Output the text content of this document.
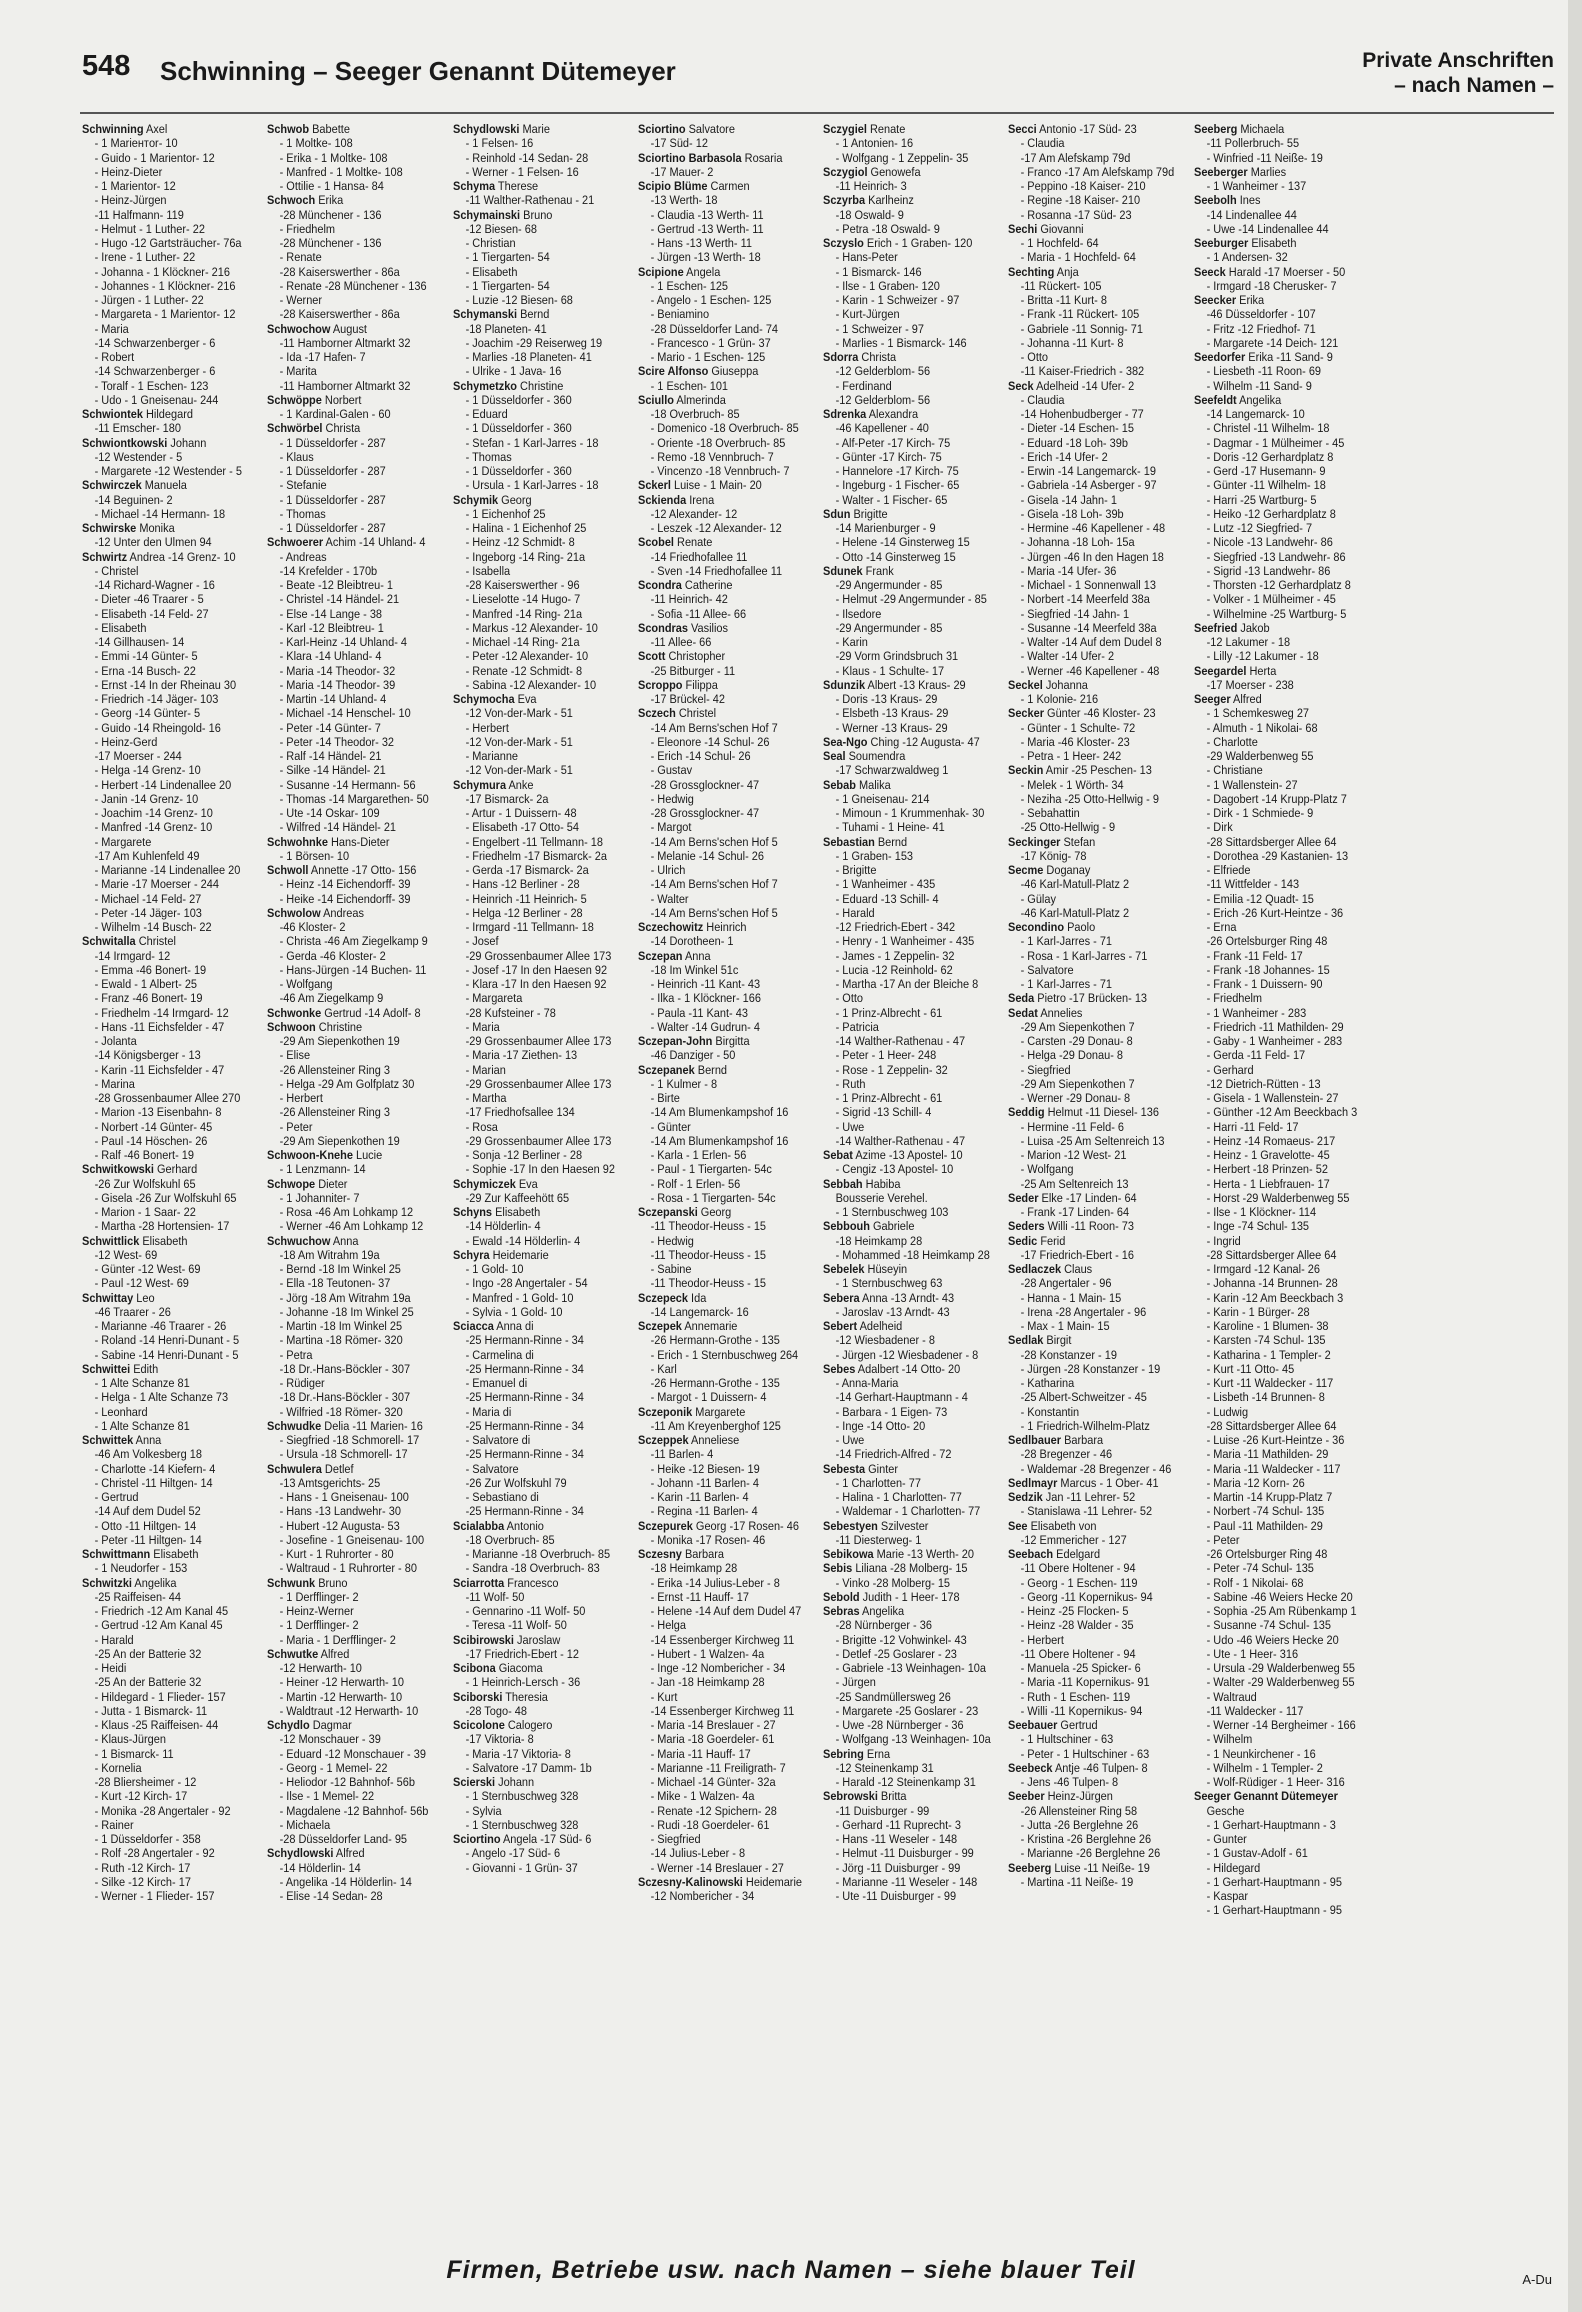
548 Schwinning – Seeger Genannt Dütemeyer	Private Anschriften
– nach Namen –
Schwinning Axel
- 1 Mariентor- 10
- Guido - 1 Marientor- 12
- Heinz-Dieter
- 1 Marientor- 12
- Heinz-Jürgen
-11 Halfmann- 119
- Helmut - 1 Luther- 22
- Hugo -12 Gartsträucher- 76a
- Irene - 1 Luther- 22
- Johanna - 1 Klöckner- 216
- Johannes - 1 Klöckner- 216
- Jürgen - 1 Luther- 22
- Margareta - 1 Marientor- 12
- Maria
-14 Schwarzenberger - 6
- Robert
-14 Schwarzenberger - 6
- Toralf - 1 Eschen- 123
- Udo - 1 Gneisenau- 244
Schwiontek Hildegard
-11 Emscher- 180
Schwiontkowski Johann
-12 Westender - 5
- Margarete -12 Westender - 5
Schwirczek Manuela
-14 Beguinen- 2
- Michael -14 Hermann- 18
Schwirske Monika
-12 Unter den Ulmen 94
Schwirtz Andrea -14 Grenz- 10
- Christel
-14 Richard-Wagner - 16
- Dieter -46 Traarer - 5
- Elisabeth -14 Feld- 27
- Elisabeth
-14 Gillhausen- 14
- Emmi -14 Günter- 5
- Erna -14 Busch- 22
- Ernst -14 In der Rheinau 30
- Friedrich -14 Jäger- 103
- Georg -14 Günter- 5
- Guido -14 Rheingold- 16
- Heinz-Gerd
-17 Moerser - 244
- Helga -14 Grenz- 10
- Herbert -14 Lindenallee 20
- Janin -14 Grenz- 10
- Joachim -14 Grenz- 10
- Manfred -14 Grenz- 10
- Margarete
-17 Am Kuhlenfeld 49
- Marianne -14 Lindenallee 20
- Marie -17 Moerser - 244
- Michael -14 Feld- 27
- Peter -14 Jäger- 103
- Wilhelm -14 Busch- 22
Schwitalla Christel
-14 Irmgard- 12
- Emma -46 Bonert- 19
- Ewald - 1 Albert- 25
- Franz -46 Bonert- 19
- Friedhelm -14 Irmgard- 12
- Hans -11 Eichsfelder - 47
- Jolanta
-14 Königsberger - 13
- Karin -11 Eichsfelder - 47
- Marina
-28 Grossenbaumer Allee 270
- Marion -13 Eisenbahn- 8
- Norbert -14 Günter- 45
- Paul -14 Höschen- 26
- Ralf -46 Bonert- 19
Schwitkowski Gerhard
-26 Zur Wolfskuhl 65
- Gisela -26 Zur Wolfskuhl 65
- Marion - 1 Saar- 22
- Martha -28 Hortensien- 17
Schwittlick Elisabeth
-12 West- 69
- Günter -12 West- 69
- Paul -12 West- 69
Schwittay Leo
-46 Traarer - 26
- Marianne -46 Traarer - 26
- Roland -14 Henri-Dunant - 5
- Sabine -14 Henri-Dunant - 5
Schwittei Edith
- 1 Alte Schanze 81
- Helga - 1 Alte Schanze 73
- Leonhard
- 1 Alte Schanze 81
Schwittek Anna
-46 Am Volkesberg 18
- Charlotte -14 Kiefern- 4
- Christel -11 Hiltgen- 14
- Gertrud
-14 Auf dem Dudel 52
- Otto -11 Hiltgen- 14
- Peter -11 Hiltgen- 14
Schwittmann Elisabeth
- 1 Neudorfer - 153
Schwitzki Angelika
-25 Raiffeisen- 44
- Friedrich -12 Am Kanal 45
- Gertrud -12 Am Kanal 45
- Harald
-25 An der Batterie 32
- Heidi
-25 An der Batterie 32
- Hildegard - 1 Flieder- 157
- Jutta - 1 Bismarck- 11
- Klaus -25 Raiffeisen- 44
- Klaus-Jürgen
- 1 Bismarck- 11
- Kornelia
-28 Bliersheimer - 12
- Kurt -12 Kirch- 17
- Monika -28 Angertaler - 92
- Rainer
- 1 Düsseldorfer - 358
- Rolf -28 Angertaler - 92
- Ruth -12 Kirch- 17
- Silke -12 Kirch- 17
- Werner - 1 Flieder- 157
Schwob Babette
- 1 Moltke- 108
- Erika - 1 Moltke- 108
- Manfred - 1 Moltke- 108
- Ottilie - 1 Hansa- 84
Schwoch Erika
-28 Münchener - 136
- Friedhelm
-28 Münchener - 136
- Renate
-28 Kaiserswerther - 86a
- Renate -28 Münchener - 136
- Werner
-28 Kaiserswerther - 86a
Schwochow August
-11 Hamborner Altmarkt 32
- Ida -17 Hafen- 7
- Marita
-11 Hamborner Altmarkt 32
Schwöppe Norbert
- 1 Kardinal-Galen - 60
Schwörbel Christa
- 1 Düsseldorfer - 287
- Klaus
- 1 Düsseldorfer - 287
- Stefanie
- 1 Düsseldorfer - 287
- Thomas
- 1 Düsseldorfer - 287
Schwoerer Achim -14 Uhland- 4
- Andreas
-14 Krefelder - 170b
- Beate -12 Bleibtreu- 1
- Christel -14 Händel- 21
- Else -14 Lange - 38
- Karl -12 Bleibtreu- 1
- Karl-Heinz -14 Uhland- 4
- Klara -14 Uhland- 4
- Maria -14 Theodor- 32
- Maria -14 Theodor- 39
- Martin -14 Uhland- 4
- Michael -14 Henschel- 10
- Peter -14 Günter- 7
- Peter -14 Theodor- 32
- Ralf -14 Händel- 21
- Silke -14 Händel- 21
- Susanne -14 Hermann- 56
- Thomas -14 Margarethen- 50
- Ute -14 Oskar- 109
- Wilfred -14 Händel- 21
Schwohnke Hans-Dieter
- 1 Börsen- 10
Schwoll Annette -17 Otto- 156
- Heinz -14 Eichendorff- 39
- Heike -14 Eichendorff- 39
Schwolow Andreas
-46 Kloster- 2
- Christa -46 Am Ziegelkamp 9
- Gerda -46 Kloster- 2
- Hans-Jürgen -14 Buchen- 11
- Wolfgang
-46 Am Ziegelkamp 9
Schwonke Gertrud -14 Adolf- 8
Schwoon Christine
-29 Am Siepenkothen 19
- Elise
-26 Allensteiner Ring 3
- Helga -29 Am Golfplatz 30
- Herbert
-26 Allensteiner Ring 3
- Peter
-29 Am Siepenkothen 19
Schwoon-Knehe Lucie
- 1 Lenzmann- 14
Schwope Dieter
- 1 Johanniter- 7
- Rosa -46 Am Lohkamp 12
- Werner -46 Am Lohkamp 12
Schwuchow Anna
-18 Am Witrahm 19a
- Bernd -18 Im Winkel 25
- Ella -18 Teutonen- 37
- Jörg -18 Am Witrahm 19a
- Johanne -18 Im Winkel 25
- Martin -18 Im Winkel 25
- Martina -18 Römer- 320
- Petra
-18 Dr.-Hans-Böckler - 307
- Rüdiger
-18 Dr.-Hans-Böckler - 307
- Wilfried -18 Römer- 320
Schwudke Delia -11 Marien- 16
- Siegfried -18 Schmorell- 17
- Ursula -18 Schmorell- 17
Schwulera Detlef
-13 Amtsgerichts- 25
- Hans - 1 Gneisenau- 100
- Hans -13 Landwehr- 30
- Hubert -12 Augusta- 53
- Josefine - 1 Gneisenau- 100
- Kurt - 1 Ruhrorter - 80
- Waltraud - 1 Ruhrorter - 80
Schwunk Bruno
- 1 Derfflinger- 2
- Heinz-Werner
- 1 Derfflinger- 2
- Maria - 1 Derfflinger- 2
Schwutke Alfred
-12 Herwarth- 10
- Heiner -12 Herwarth- 10
- Martin -12 Herwarth- 10
- Waldtraut -12 Herwarth- 10
Schydlo Dagmar
-12 Monschauer - 39
- Eduard -12 Monschauer - 39
- Georg - 1 Memel- 22
- Heliodor -12 Bahnhof- 56b
- Ilse - 1 Memel- 22
- Magdalene -12 Bahnhof- 56b
- Michaela
-28 Düsseldorfer Land- 95
Schydlowski Alfred
-14 Hölderlin- 14
- Angelika -14 Hölderlin- 14
- Elise -14 Sedan- 28
Schydlowski Marie
- 1 Felsen- 16
- Reinhold -14 Sedan- 28
- Werner - 1 Felsen- 16
Schyma Therese
-11 Walther-Rathenau - 21
Schymainski Bruno
-12 Biesen- 68
- Christian
- 1 Tiergarten- 54
- Elisabeth
- 1 Tiergarten- 54
- Luzie -12 Biesen- 68
Schymanski Bernd
-18 Planeten- 41
- Joachim -29 Reiserweg 19
- Marlies -18 Planeten- 41
- Ulrike - 1 Java- 16
Schymetzko Christine
- 1 Düsseldorfer - 360
- Eduard
- 1 Düsseldorfer - 360
- Stefan - 1 Karl-Jarres - 18
- Thomas
- 1 Düsseldorfer - 360
- Ursula - 1 Karl-Jarres - 18
Schymik Georg
- 1 Eichenhof 25
- Halina - 1 Eichenhof 25
- Heinz -12 Schmidt- 8
- Ingeborg -14 Ring- 21a
- Isabella
-28 Kaiserswerther - 96
- Lieselotte -14 Hugo- 7
- Manfred -14 Ring- 21a
- Markus -12 Alexander- 10
- Michael -14 Ring- 21a
- Peter -12 Alexander- 10
- Renate -12 Schmidt- 8
- Sabina -12 Alexander- 10
Schymocha Eva
-12 Von-der-Mark - 51
- Herbert
-12 Von-der-Mark - 51
- Marianne
-12 Von-der-Mark - 51
Schymura Anke
-17 Bismarck- 2a
- Artur - 1 Duissern- 48
- Elisabeth -17 Otto- 54
- Engelbert -11 Tellmann- 18
- Friedhelm -17 Bismarck- 2a
- Gerda -17 Bismarck- 2a
- Hans -12 Berliner - 28
- Heinrich -11 Heinrich- 5
- Helga -12 Berliner - 28
- Irmgard -11 Tellmann- 18
- Josef
-29 Grossenbaumer Allee 173
- Josef -17 In den Haesen 92
- Klara -17 In den Haesen 92
- Margareta
-28 Kufsteiner - 78
- Maria
-29 Grossenbaumer Allee 173
- Maria -17 Ziethen- 13
- Marian
-29 Grossenbaumer Allee 173
- Martha
-17 Friedhofsallee 134
- Rosa
-29 Grossenbaumer Allee 173
- Sonja -12 Berliner - 28
- Sophie -17 In den Haesen 92
Schymiczek Eva
-29 Zur Kaffeehött 65
Schyns Elisabeth
-14 Hölderlin- 4
- Ewald -14 Hölderlin- 4
Schyra Heidemarie
- 1 Gold- 10
- Ingo -28 Angertaler - 54
- Manfred - 1 Gold- 10
- Sylvia - 1 Gold- 10
Sciacca Anna di
-25 Hermann-Rinne - 34
- Carmelina di
-25 Hermann-Rinne - 34
- Emanuel di
-25 Hermann-Rinne - 34
- Maria di
-25 Hermann-Rinne - 34
- Salvatore di
-25 Hermann-Rinne - 34
- Salvatore
-26 Zur Wolfskuhl 79
- Sebastiano di
-25 Hermann-Rinne - 34
Scialabba Antonio
-18 Overbruch- 85
- Marianne -18 Overbruch- 85
- Sandra -18 Overbruch- 83
Sciarrotta Francesco
-11 Wolf- 50
- Gennarino -11 Wolf- 50
- Teresa -11 Wolf- 50
Scibirowski Jaroslaw
-17 Friedrich-Ebert - 12
Scibona Giacoma
- 1 Heinrich-Lersch - 36
Sciborski Theresia
-28 Togo- 48
Scicolone Calogero
-17 Viktoria- 8
- Maria -17 Viktoria- 8
- Salvatore -17 Damm- 1b
Scierski Johann
- 1 Sternbuschweg 328
- Sylvia
- 1 Sternbuschweg 328
Sciortino Angela -17 Süd- 6
- Angelo -17 Süd- 6
- Giovanni - 1 Grün- 37
Sciortino Salvatore
-17 Süd- 12
Sciortino Barbasola Rosaria
-17 Mauer- 2
Scipio Blüme Carmen
-13 Werth- 18
- Claudia -13 Werth- 11
- Gertrud -13 Werth- 11
- Hans -13 Werth- 11
- Jürgen -13 Werth- 18
Scipione Angela
- 1 Eschen- 125
- Angelo - 1 Eschen- 125
- Beniamino
-28 Düsseldorfer Land- 74
- Francesco - 1 Grün- 37
- Mario - 1 Eschen- 125
Scire Alfonso Giuseppa
- 1 Eschen- 101
Sciullo Almerinda
-18 Overbruch- 85
- Domenico -18 Overbruch- 85
- Oriente -18 Overbruch- 85
- Remo -18 Vennbruch- 7
- Vincenzo -18 Vennbruch- 7
Sckerl Luise - 1 Main- 20
Sckienda Irena
-12 Alexander- 12
- Leszek -12 Alexander- 12
Scobel Renate
-14 Friedhofallee 11
- Sven -14 Friedhofallee 11
Scondra Catherine
-11 Heinrich- 42
- Sofia -11 Allee- 66
Scondras Vasilios
-11 Allee- 66
Scott Christopher
-25 Bitburger - 11
Scroppo Filippa
-17 Brückel- 42
Sczech Christel
-14 Am Berns'schen Hof 7
- Eleonore -14 Schul- 26
- Erich -14 Schul- 26
- Gustav
-28 Grossglockner- 47
- Hedwig
-28 Grossglockner- 47
- Margot
-14 Am Berns'schen Hof 5
- Melanie -14 Schul- 26
- Ulrich
-14 Am Berns'schen Hof 7
- Walter
-14 Am Berns'schen Hof 5
Sczechowitz Heinrich
-14 Dorotheen- 1
Sczepan Anna
-18 Im Winkel 51c
- Heinrich -11 Kant- 43
- Ilka - 1 Klöckner- 166
- Paula -11 Kant- 43
- Walter -14 Gudrun- 4
Sczepan-John Birgitta
-46 Danziger - 50
Sczepanek Bernd
- 1 Kulmer - 8
- Birte
-14 Am Blumenkampshof 16
- Günter
-14 Am Blumenkampshof 16
- Karla - 1 Erlen- 56
- Paul - 1 Tiergarten- 54c
- Rolf - 1 Erlen- 56
- Rosa - 1 Tiergarten- 54c
Sczepanski Georg
-11 Theodor-Heuss - 15
- Hedwig
-11 Theodor-Heuss - 15
- Sabine
-11 Theodor-Heuss - 15
Sczepeck Ida
-14 Langemarck- 16
Sczepek Annemarie
-26 Hermann-Grothe - 135
- Erich - 1 Sternbuschweg 264
- Karl
-26 Hermann-Grothe - 135
- Margot - 1 Duissern- 4
Sczeponik Margarete
-11 Am Kreyenberghof 125
Sczeppek Anneliese
-11 Barlen- 4
- Heike -12 Biesen- 19
- Johann -11 Barlen- 4
- Karin -11 Barlen- 4
- Regina -11 Barlen- 4
Sczepurek Georg -17 Rosen- 46
- Monika -17 Rosen- 46
Sczesny Barbara
-18 Heimkamp 28
- Erika -14 Julius-Leber - 8
- Ernst -11 Hauff- 17
- Helene -14 Auf dem Dudel 47
- Helga
-14 Essenberger Kirchweg 11
- Hubert - 1 Walzen- 4a
- Inge -12 Nombericher - 34
- Jan -18 Heimkamp 28
- Kurt
-14 Essenberger Kirchweg 11
- Maria -14 Breslauer - 27
- Maria -18 Goerdeler- 61
- Maria -11 Hauff- 17
- Marianne -11 Freiligrath- 7
- Michael -14 Günter- 32a
- Mike - 1 Walzen- 4a
- Renate -12 Spichern- 28
- Rudi -18 Goerdeler- 61
- Siegfried
-14 Julius-Leber - 8
- Werner -14 Breslauer - 27
Sczesny-Kalinowski Heidemarie
-12 Nombericher - 34
Sczygiel Renate
- 1 Antonien- 16
- Wolfgang - 1 Zeppelin- 35
Sczygiol Genowefa
-11 Heinrich- 3
Sczyrba Karlheinz
-18 Oswald- 9
- Petra -18 Oswald- 9
Sczyslo Erich - 1 Graben- 120
- Hans-Peter
- 1 Bismarck- 146
- Ilse - 1 Graben- 120
- Karin - 1 Schweizer - 97
- Kurt-Jürgen
- 1 Schweizer - 97
- Marlies - 1 Bismarck- 146
Sdorra Christa
-12 Gelderblom- 56
- Ferdinand
-12 Gelderblom- 56
Sdrenka Alexandra
-46 Kapellener - 40
- Alf-Peter -17 Kirch- 75
- Günter -17 Kirch- 75
- Hannelore -17 Kirch- 75
- Ingeburg - 1 Fischer- 65
- Walter - 1 Fischer- 65
Sdun Brigitte
-14 Marienburger - 9
- Helene -14 Ginsterweg 15
- Otto -14 Ginsterweg 15
Sdunek Frank
-29 Angermunder - 85
- Helmut -29 Angermunder - 85
- Ilsedore
-29 Angermunder - 85
- Karin
-29 Vorm Grindsbruch 31
- Klaus - 1 Schulte- 17
Sdunzik Albert -13 Kraus- 29
- Doris -13 Kraus- 29
- Elsbeth -13 Kraus- 29
- Werner -13 Kraus- 29
Sea-Ngo Ching -12 Augusta- 47
Seal Soumendra
-17 Schwarzwaldweg 1
Sebab Malika
- 1 Gneisenau- 214
- Mimoun - 1 Krummenhak- 30
- Tuhami - 1 Heine- 41
Sebastian Bernd
- 1 Graben- 153
- Brigitte
- 1 Wanheimer - 435
- Eduard -13 Schill- 4
- Harald
-12 Friedrich-Ebert - 342
- Henry - 1 Wanheimer - 435
- James - 1 Zeppelin- 32
- Lucia -12 Reinhold- 62
- Martha -17 An der Bleiche 8
- Otto
- 1 Prinz-Albrecht - 61
- Patricia
-14 Walther-Rathenau - 47
- Peter - 1 Heer- 248
- Rose - 1 Zeppelin- 32
- Ruth
- 1 Prinz-Albrecht - 61
- Sigrid -13 Schill- 4
- Uwe
-14 Walther-Rathenau - 47
Sebat Azime -13 Apostel- 10
- Cengiz -13 Apostel- 10
Sebbah Habiba
Bousserie Verehel.
- 1 Sternbuschweg 103
Sebbouh Gabriele
-18 Heimkamp 28
- Mohammed -18 Heimkamp 28
Sebelek Hüseyin
- 1 Sternbuschweg 63
Sebera Anna -13 Arndt- 43
- Jaroslav -13 Arndt- 43
Sebert Adelheid
-12 Wiesbadener - 8
- Jürgen -12 Wiesbadener - 8
Sebes Adalbert -14 Otto- 20
- Anna-Maria
-14 Gerhart-Hauptmann - 4
- Barbara - 1 Eigen- 73
- Inge -14 Otto- 20
- Uwe
-14 Friedrich-Alfred - 72
Sebesta Ginter
- 1 Charlotten- 77
- Halina - 1 Charlotten- 77
- Waldemar - 1 Charlotten- 77
Sebestyen Szilvester
-11 Diesterweg- 1
Sebikowa Marie -13 Werth- 20
Sebis Liliana -28 Molberg- 15
- Vinko -28 Molberg- 15
Sebold Judith - 1 Heer- 178
Sebras Angelika
-28 Nürnberger - 36
- Brigitte -12 Vohwinkel- 43
- Detlef -25 Goslarer - 23
- Gabriele -13 Weinhagen- 10a
- Jürgen
-25 Sandmüllersweg 26
- Margarete -25 Goslarer - 23
- Uwe -28 Nürnberger - 36
- Wolfgang -13 Weinhagen- 10a
Sebring Erna
-12 Steinenkamp 31
- Harald -12 Steinenkamp 31
Sebrowski Britta
-11 Duisburger - 99
- Gerhard -11 Ruprecht- 3
- Hans -11 Weseler - 148
- Helmut -11 Duisburger - 99
- Jörg -11 Duisburger - 99
- Marianne -11 Weseler - 148
- Ute -11 Duisburger - 99
Secci Antonio -17 Süd- 23
- Claudia
-17 Am Alefskamp 79d
- Franco -17 Am Alefskamp 79d
- Peppino -18 Kaiser- 210
- Regine -18 Kaiser- 210
- Rosanna -17 Süd- 23
Sechi Giovanni
- 1 Hochfeld- 64
- Maria - 1 Hochfeld- 64
Sechting Anja
-11 Rückert- 105
- Britta -11 Kurt- 8
- Frank -11 Rückert- 105
- Gabriele -11 Sonnig- 71
- Johanna -11 Kurt- 8
- Otto
-11 Kaiser-Friedrich - 382
Seck Adelheid -14 Ufer- 2
- Claudia
-14 Hohenbudberger - 77
- Dieter -14 Eschen- 15
- Eduard -18 Loh- 39b
- Erich -14 Ufer- 2
- Erwin -14 Langemarck- 19
- Gabriela -14 Asberger - 97
- Gisela -14 Jahn- 1
- Gisela -18 Loh- 39b
- Hermine -46 Kapellener - 48
- Johanna -18 Loh- 15a
- Jürgen -46 In den Hagen 18
- Maria -14 Ufer- 36
- Michael - 1 Sonnenwall 13
- Norbert -14 Meerfeld 38a
- Siegfried -14 Jahn- 1
- Susanne -14 Meerfeld 38a
- Walter -14 Auf dem Dudel 8
- Walter -14 Ufer- 2
- Werner -46 Kapellener - 48
Seckel Johanna
- 1 Kolonie- 216
Secker Günter -46 Kloster- 23
- Günter - 1 Schulte- 72
- Maria -46 Kloster- 23
- Petra - 1 Heer- 242
Seckin Amir -25 Peschen- 13
- Melek - 1 Wörth- 34
- Neziha -25 Otto-Hellwig - 9
- Sebahattin
-25 Otto-Hellwig - 9
Seckinger Stefan
-17 König- 78
Secme Doganay
-46 Karl-Matull-Platz 2
- Gülay
-46 Karl-Matull-Platz 2
Secondino Paolo
- 1 Karl-Jarres - 71
- Rosa - 1 Karl-Jarres - 71
- Salvatore
- 1 Karl-Jarres - 71
Seda Pietro -17 Brücken- 13
Sedat Annelies
-29 Am Siepenkothen 7
- Carsten -29 Donau- 8
- Helga -29 Donau- 8
- Siegfried
-29 Am Siepenkothen 7
- Werner -29 Donau- 8
Seddig Helmut -11 Diesel- 136
- Hermine -11 Feld- 6
- Luisa -25 Am Seltenreich 13
- Marion -12 West- 21
- Wolfgang
-25 Am Seltenreich 13
Seder Elke -17 Linden- 64
- Frank -17 Linden- 64
Seders Willi -11 Roon- 73
Sedic Ferid
-17 Friedrich-Ebert - 16
Sedlaczek Claus
-28 Angertaler - 96
- Hanna - 1 Main- 15
- Irena -28 Angertaler - 96
- Max - 1 Main- 15
Sedlak Birgit
-28 Konstanzer - 19
- Jürgen -28 Konstanzer - 19
- Katharina
-25 Albert-Schweitzer - 45
- Konstantin
- 1 Friedrich-Wilhelm-Platz
Sedlbauer Barbara
-28 Bregenzer - 46
- Waldemar -28 Bregenzer - 46
Sedlmayr Marcus - 1 Ober- 41
Sedzik Jan -11 Lehrer- 52
- Stanislawa -11 Lehrer- 52
See Elisabeth von
-12 Emmericher - 127
Seebach Edelgard
-11 Obere Holtener - 94
- Georg - 1 Eschen- 119
- Georg -11 Kopernikus- 94
- Heinz -25 Flocken- 5
- Heinz -28 Walder - 35
- Herbert
-11 Obere Holtener - 94
- Manuela -25 Spicker- 6
- Maria -11 Kopernikus- 91
- Ruth - 1 Eschen- 119
- Willi -11 Kopernikus- 94
Seebauer Gertrud
- 1 Hultschiner - 63
- Peter - 1 Hultschiner - 63
Seebeck Antje -46 Tulpen- 8
- Jens -46 Tulpen- 8
Seeber Heinz-Jürgen
-26 Allensteiner Ring 58
- Jutta -26 Berglehne 26
- Kristina -26 Berglehne 26
- Marianne -26 Berglehne 26
Seeberg Luise -11 Neiße- 19
- Martina -11 Neiße- 19
Seeberg Michaela
-11 Pollerbruch- 55
- Winfried -11 Neiße- 19
Seeberger Marlies
- 1 Wanheimer - 137
Seebolh Ines
-14 Lindenallee 44
- Uwe -14 Lindenallee 44
Seeburger Elisabeth
- 1 Andersen- 32
Seeck Harald -17 Moerser - 50
- Irmgard -18 Cherusker- 7
Seecker Erika
-46 Düsseldorfer - 107
- Fritz -12 Friedhof- 71
- Margarete -14 Deich- 121
Seedorfer Erika -11 Sand- 9
- Liesbeth -11 Roon- 69
- Wilhelm -11 Sand- 9
Seefeldt Angelika
-14 Langemarck- 10
- Christel -11 Wilhelm- 18
- Dagmar - 1 Mülheimer - 45
- Doris -12 Gerhardplatz 8
- Gerd -17 Husemann- 9
- Günter -11 Wilhelm- 18
- Harri -25 Wartburg- 5
- Heiko -12 Gerhardplatz 8
- Lutz -12 Siegfried- 7
- Nicole -13 Landwehr- 86
- Siegfried -13 Landwehr- 86
- Sigrid -13 Landwehr- 86
- Thorsten -12 Gerhardplatz 8
- Volker - 1 Mülheimer - 45
- Wilhelmine -25 Wartburg- 5
Seefried Jakob
-12 Lakumer - 18
- Lilly -12 Lakumer - 18
Seegardel Herta
-17 Moerser - 238
Seeger Alfred
- 1 Schemkesweg 27
- Almuth - 1 Nikolai- 68
- Charlotte
-29 Walderbenweg 55
- Christiane
- 1 Wallenstein- 27
- Dagobert -14 Krupp-Platz 7
- Dirk - 1 Schmiede- 9
- Dirk
-28 Sittardsberger Allee 64
- Dorothea -29 Kastanien- 13
- Elfriede
-11 Wittfelder - 143
- Emilia -12 Quadt- 15
- Erich -26 Kurt-Heintze - 36
- Erna
-26 Ortelsburger Ring 48
- Frank -11 Feld- 17
- Frank -18 Johannes- 15
- Frank - 1 Duissern- 90
- Friedhelm
- 1 Wanheimer - 283
- Friedrich -11 Mathilden- 29
- Gaby - 1 Wanheimer - 283
- Gerda -11 Feld- 17
- Gerhard
-12 Dietrich-Rütten - 13
- Gisela - 1 Wallenstein- 27
- Günther -12 Am Beeckbach 3
- Harri -11 Feld- 17
- Heinz -14 Romaeus- 217
- Heinz - 1 Gravelotte- 45
- Herbert -18 Prinzen- 52
- Herta - 1 Liebfrauen- 17
- Horst -29 Walderbenweg 55
- Ilse - 1 Klöckner- 114
- Inge -74 Schul- 135
- Ingrid
-28 Sittardsberger Allee 64
- Irmgard -12 Kanal- 26
- Johanna -14 Brunnen- 28
- Karin -12 Am Beeckbach 3
- Karin - 1 Bürger- 28
- Karoline - 1 Blumen- 38
- Karsten -74 Schul- 135
- Katharina - 1 Templer- 2
- Kurt -11 Otto- 45
- Kurt -11 Waldecker - 117
- Lisbeth -14 Brunnen- 8
- Ludwig
-28 Sittardsberger Allee 64
- Luise -26 Kurt-Heintze - 36
- Maria -11 Mathilden- 29
- Maria -11 Waldecker - 117
- Maria -12 Korn- 26
- Martin -14 Krupp-Platz 7
- Norbert -74 Schul- 135
- Paul -11 Mathilden- 29
- Peter
-26 Ortelsburger Ring 48
- Peter -74 Schul- 135
- Rolf - 1 Nikolai- 68
- Sabine -46 Weiers Hecke 20
- Sophia -25 Am Rübenkamp 1
- Susanne -74 Schul- 135
- Udo -46 Weiers Hecke 20
- Ute - 1 Heer- 316
- Ursula -29 Walderbenweg 55
- Walter -29 Walderbenweg 55
- Waltraud
-11 Waldecker - 117
- Werner -14 Bergheimer - 166
- Wilhelm
- 1 Neunkirchener - 16
- Wilhelm - 1 Templer- 2
- Wolf-Rüdiger - 1 Heer- 316
Seeger Genannt Dütemeyer
Gesche
- 1 Gerhart-Hauptmann - 3
- Gunter
- 1 Gustav-Adolf - 61
- Hildegard
- 1 Gerhart-Hauptmann - 95
- Kaspar
- 1 Gerhart-Hauptmann - 95
Firmen, Betriebe usw. nach Namen – siehe blauer Teil	A-Du
